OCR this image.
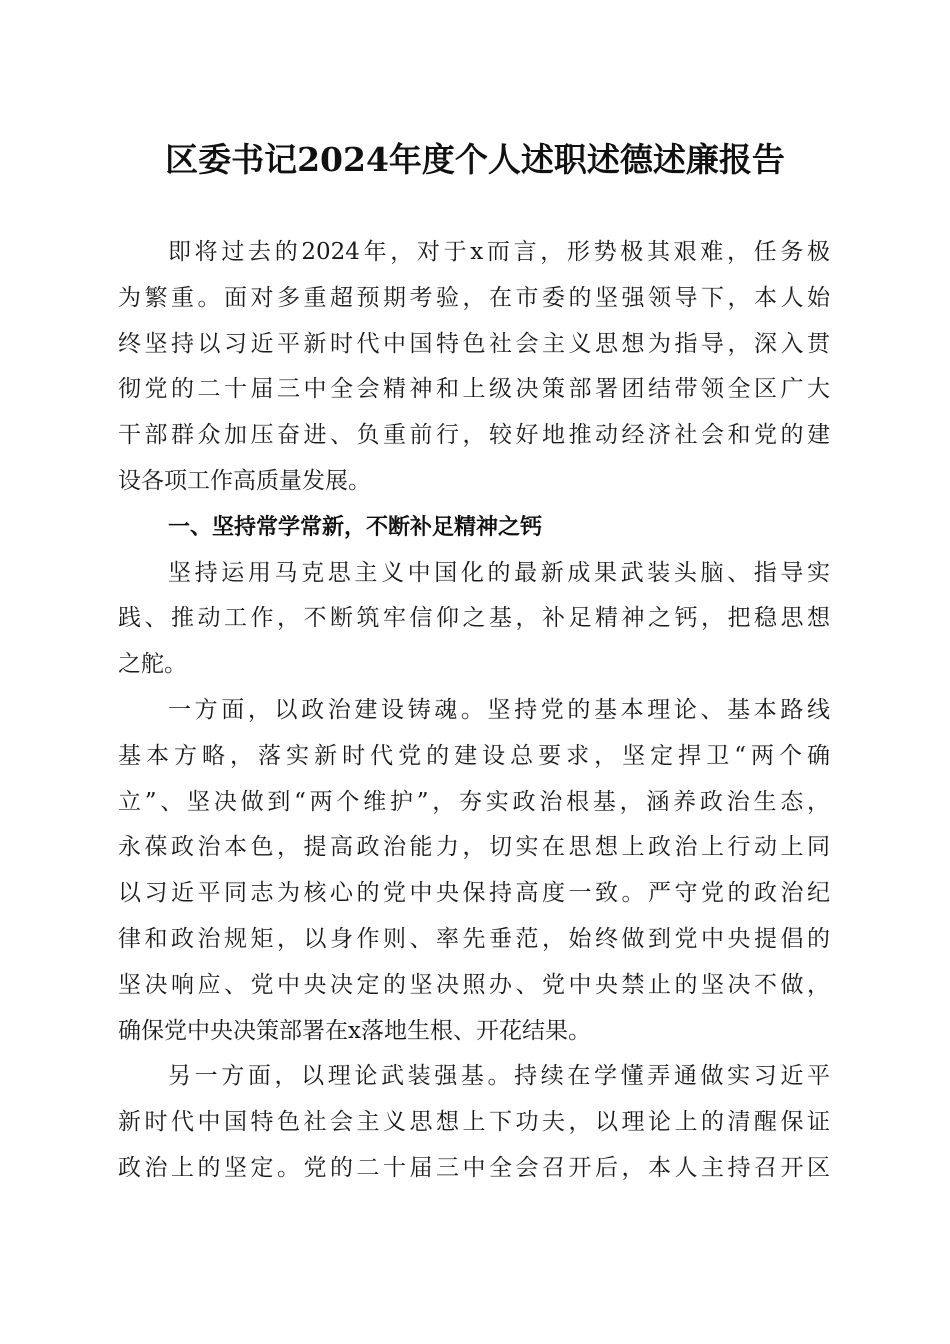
区委书记2024年度个人述职述德述廉报告
即将过去的2024年，对于x而言，形势极其艰难，任务极
为繁重。面对多重超预期考验，在市委的坚强领导下，本人始
终坚持以习近平新时代中国特色社会主义思想为指导，深入贯
彻党的二十届三中全会精神和上级决策部署团结带领全区广大
干部群众加压奋进、负重前行，较好地推动经济社会和党的建
设各项工作高质量发展。
一、坚持常学常新，不断补足精神之钙
坚持运用马克思主义中国化的最新成果武装头脑、指导实
践、推动工作，不断筑牢信仰之基，补足精神之钙，把稳思想
之舵。
一方面，以政治建设铸魂。坚持党的基本理论、基本路线
基本方略，落实新时代党的建设总要求，坚定捍卫“两个确
立”、坚决做到“两个维护”，夯实政治根基，涵养政治生态，
永葆政治本色，提高政治能力，切实在思想上政治上行动上同
以习近平同志为核心的党中央保持高度一致。严守党的政治纪
律和政治规矩，以身作则、率先垂范，始终做到党中央提倡的
坚决响应、党中央决定的坚决照办、党中央禁止的坚决不做，
确保党中央决策部署在x落地生根、开花结果。
另一方面，以理论武装强基。持续在学懂弄通做实习近平
新时代中国特色社会主义思想上下功夫，以理论上的清醒保证
政治上的坚定。党的二十届三中全会召开后，本人主持召开区
